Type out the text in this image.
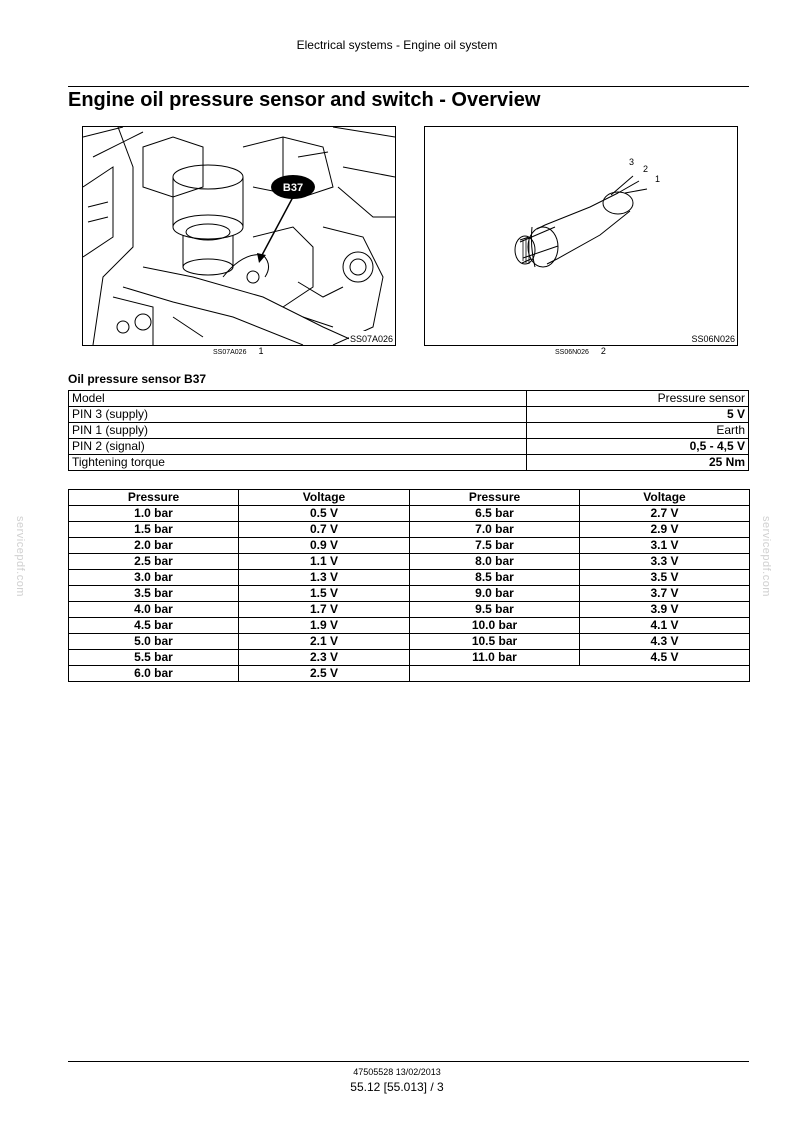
Electrical systems - Engine oil system
Engine oil pressure sensor and switch - Overview
B37
SS07A026
SS07A026 1
3
2
1
SS06N026
SS06N026 2
Oil pressure sensor B37
Model	Pressure sensor
PIN 3 (supply)	5 V
PIN 1 (supply)	Earth
PIN 2 (signal)	0,5 - 4,5 V
Tightening torque	25 Nm
Pressure	Voltage	Pressure	Voltage
1.0 bar	0.5 V	6.5 bar	2.7 V
1.5 bar	0.7 V	7.0 bar	2.9 V
2.0 bar	0.9 V	7.5 bar	3.1 V
2.5 bar	1.1 V	8.0 bar	3.3 V
3.0 bar	1.3 V	8.5 bar	3.5 V
3.5 bar	1.5 V	9.0 bar	3.7 V
4.0 bar	1.7 V	9.5 bar	3.9 V
4.5 bar	1.9 V	10.0 bar	4.1 V
5.0 bar	2.1 V	10.5 bar	4.3 V
5.5 bar	2.3 V	11.0 bar	4.5 V
6.0 bar	2.5 V		
servicepdf.com	servicepdf.com
47505528 13/02/2013
55.12 [55.013] / 3
